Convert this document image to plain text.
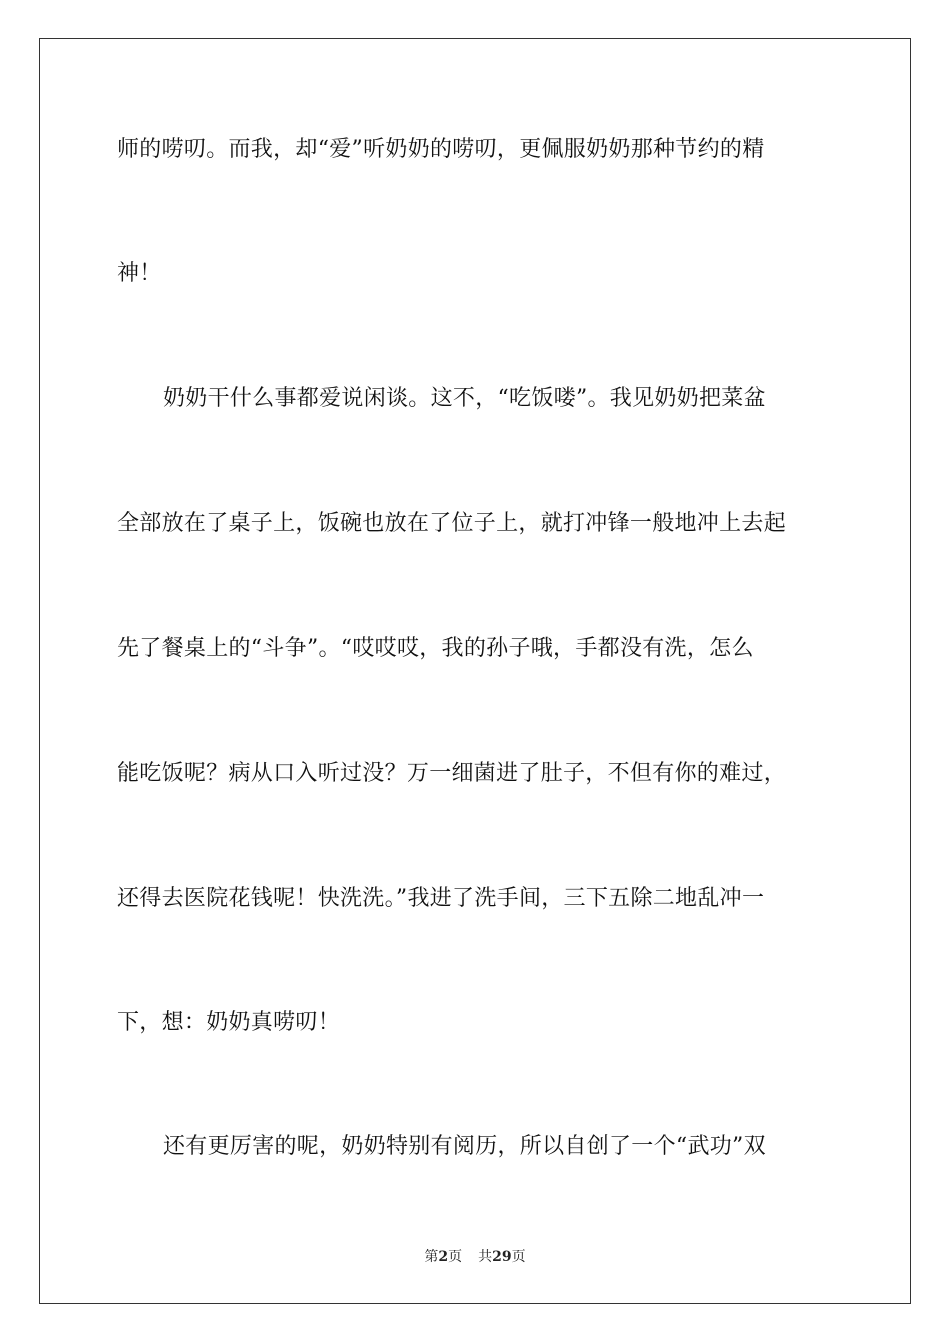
师的唠叨。而我，却“爱”听奶奶的唠叨，更佩服奶奶那种节约的精
神！
奶奶干什么事都爱说闲谈。这不，“吃饭喽”。我见奶奶把菜盆
全部放在了桌子上，饭碗也放在了位子上，就打冲锋一般地冲上去起
先了餐桌上的“斗争”。“哎哎哎，我的孙子哦，手都没有洗，怎么
能吃饭呢？病从口入听过没？万一细菌进了肚子，不但有你的难过，
还得去医院花钱呢！快洗洗。”我进了洗手间，三下五除二地乱冲一
下，想：奶奶真唠叨！
还有更厉害的呢，奶奶特别有阅历，所以自创了一个“武功”双
第2页 共29页
